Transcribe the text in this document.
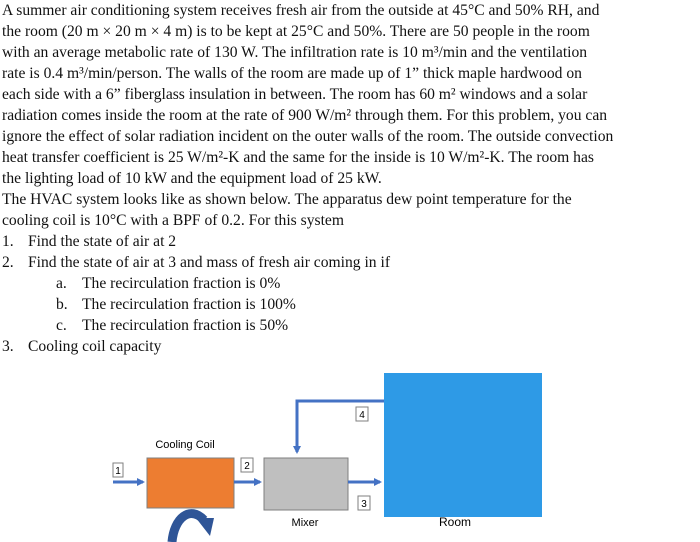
A summer air conditioning system receives fresh air from the outside at 45°C and 50% RH, and
the room (20 m × 20 m × 4 m) is to be kept at 25°C and 50%. There are 50 people in the room
with an average metabolic rate of 130 W. The infiltration rate is 10 m³/min and the ventilation
rate is 0.4 m³/min/person. The walls of the room are made up of 1” thick maple hardwood on
each side with a 6” fiberglass insulation in between. The room has 60 m² windows and a solar
radiation comes inside the room at the rate of 900 W/m² through them. For this problem, you can
ignore the effect of solar radiation incident on the outer walls of the room. The outside convection
heat transfer coefficient is 25 W/m²-K and the same for the inside is 10 W/m²-K. The room has
the lighting load of 10 kW and the equipment load of 25 kW.
The HVAC system looks like as shown below. The apparatus dew point temperature for the
cooling coil is 10°C with a BPF of 0.2. For this system
1. Find the state of air at 2
2. Find the state of air at 3 and mass of fresh air coming in if
a. The recirculation fraction is 0%
b. The recirculation fraction is 100%
c. The recirculation fraction is 50%
3. Cooling coil capacity
Room
4
Cooling Coil
Mixer
1	2
3
